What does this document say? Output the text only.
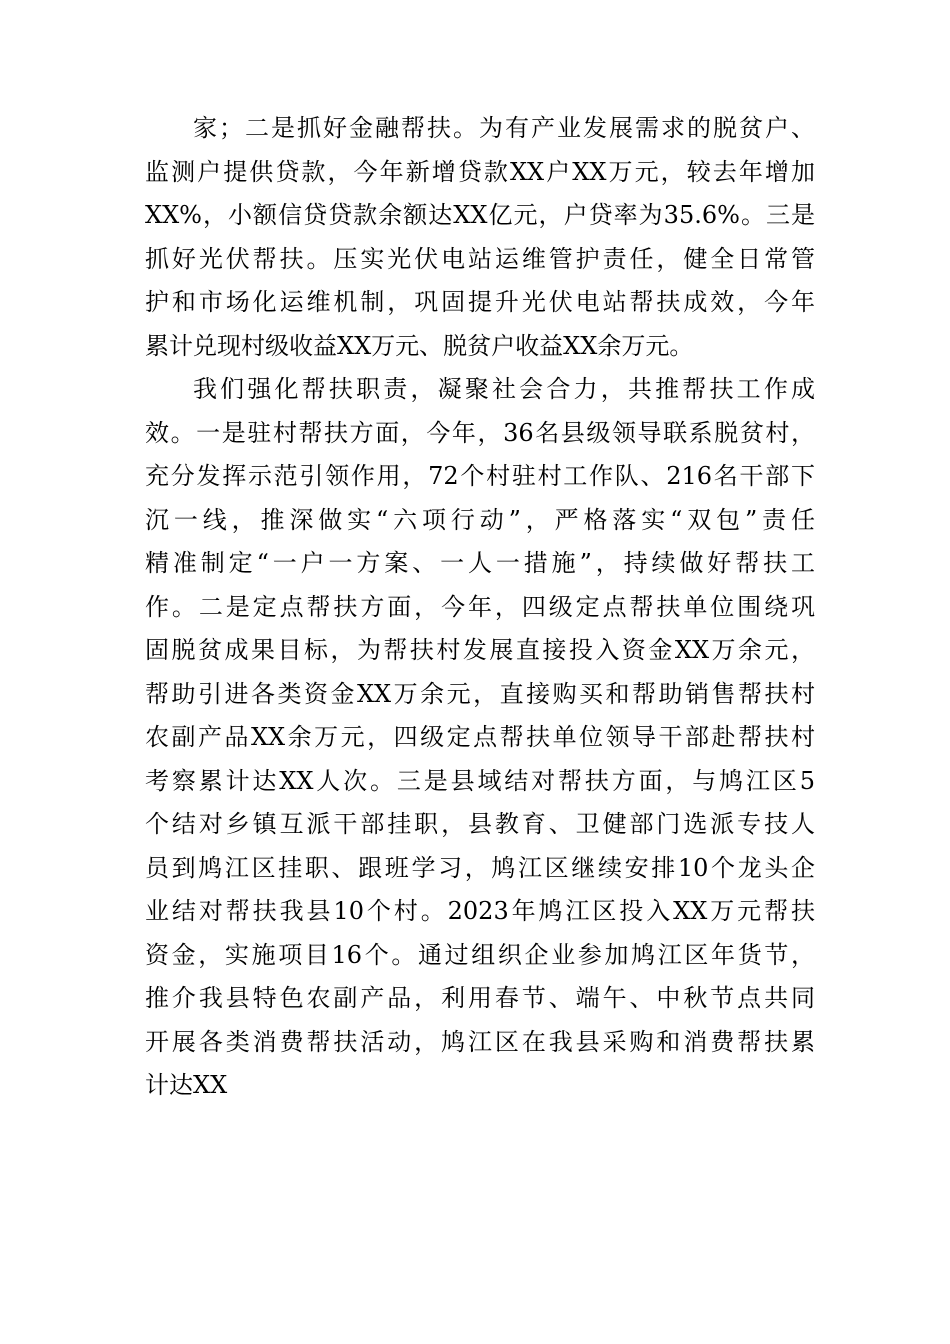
家；二是抓好金融帮扶。为有产业发展需求的脱贫户、
监测户提供贷款，今年新增贷款XX户XX万元，较去年增加
XX%，小额信贷贷款余额达XX亿元，户贷率为35.6%。三是
抓好光伏帮扶。压实光伏电站运维管护责任，健全日常管
护和市场化运维机制，巩固提升光伏电站帮扶成效，今年
累计兑现村级收益XX万元、脱贫户收益XX余万元。
我们强化帮扶职责，凝聚社会合力，共推帮扶工作成
效。一是驻村帮扶方面，今年，36名县级领导联系脱贫村，
充分发挥示范引领作用，72个村驻村工作队、216名干部下
沉一线，推深做实“六项行动”，严格落实“双包”责任
精准制定“一户一方案、一人一措施”，持续做好帮扶工
作。二是定点帮扶方面，今年，四级定点帮扶单位围绕巩
固脱贫成果目标，为帮扶村发展直接投入资金XX万余元，
帮助引进各类资金XX万余元，直接购买和帮助销售帮扶村
农副产品XX余万元，四级定点帮扶单位领导干部赴帮扶村
考察累计达XX人次。三是县域结对帮扶方面，与鸠江区5
个结对乡镇互派干部挂职，县教育、卫健部门选派专技人
员到鸠江区挂职、跟班学习，鸠江区继续安排10个龙头企
业结对帮扶我县10个村。2023年鸠江区投入XX万元帮扶
资金，实施项目16个。通过组织企业参加鸠江区年货节，
推介我县特色农副产品，利用春节、端午、中秋节点共同
开展各类消费帮扶活动，鸠江区在我县采购和消费帮扶累
计达XX
